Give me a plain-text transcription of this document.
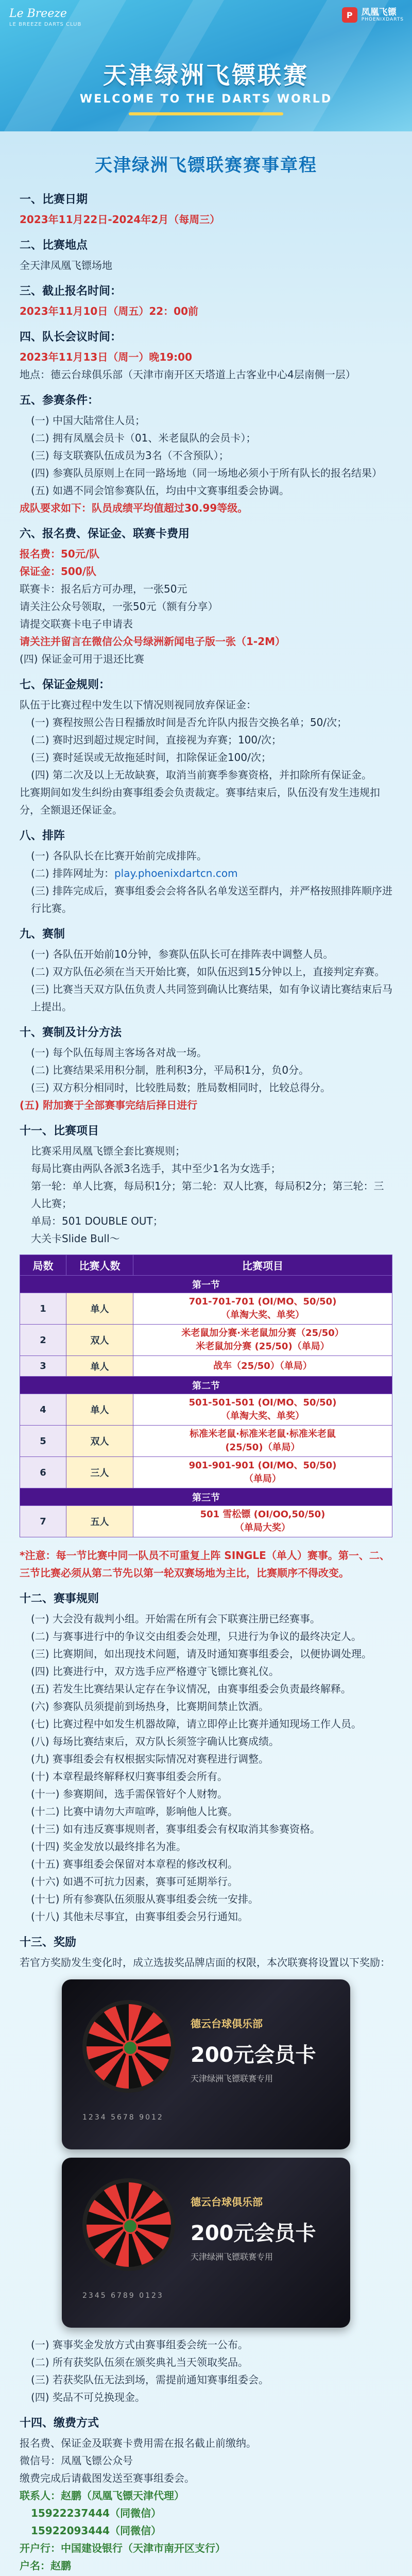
Le Breeze
LE BREEZE DARTS CLUB
P	凤凰飞镖
PHOENIXDARTS
天津绿洲飞镖联赛
WELCOME TO THE DARTS WORLD
天津绿洲飞镖联赛赛事章程
一、比赛日期

2023年11月22日-2024年2月（每周三）

二、比赛地点

全天津凤凰飞镖场地

三、截止报名时间：

2023年11月10日（周五）22：00前

四、队长会议时间：

2023年11月13日（周一）晚19:00

地点：德云台球俱乐部（天津市南开区天塔道上古客业中心4层南侧一层）

五、参赛条件：

(一) 中国大陆常住人员；

(二) 拥有凤凰会员卡（01、米老鼠队的会员卡）；

(三) 每支联赛队伍成员为3名（不含预队）；

(四) 参赛队员原则上在同一路场地（同一场地必须小于所有队长的报名结果）

(五) 如遇不同会馆参赛队伍，均由中文赛事组委会协调。

成队要求如下：队员成绩平均值超过30.99等级。

六、报名费、保证金、联赛卡费用

报名费：50元/队

保证金：500/队

联赛卡：报名后方可办理，一张50元

请关注公众号领取，一张50元（额有分享）

请提交联赛卡电子申请表

请关注并留言在微信公众号绿洲新闻电子版一张（1-2M）

(四) 保证金可用于退还比赛

七、保证金规则：

队伍于比赛过程中发生以下情况则视同放弃保证金：

(一) 赛程按照公告日程播放时间是否允许队内报告交换名单；50/次；

(二) 赛时迟到超过规定时间，直接视为弃赛；100/次；

(三) 赛时延误或无故拖延时间，扣除保证金100/次；

(四) 第二次及以上无故缺赛，取消当前赛季参赛资格，并扣除所有保证金。

比赛期间如发生纠纷由赛事组委会负责裁定。赛事结束后，队伍没有发生违规扣分，全额退还保证金。

八、排阵

(一) 各队队长在比赛开始前完成排阵。

(二) 排阵网址为：play.phoenixdartcn.com

(三) 排阵完成后，赛事组委会会将各队名单发送至群内，并严格按照排阵顺序进行比赛。

九、赛制

(一) 各队伍开始前10分钟，参赛队伍队长可在排阵表中调整人员。

(二) 双方队伍必须在当天开始比赛，如队伍迟到15分钟以上，直接判定弃赛。

(三) 比赛当天双方队伍负责人共同签到确认比赛结果，如有争议请比赛结束后马上提出。

十、赛制及计分方法

(一) 每个队伍每周主客场各对战一场。

(二) 比赛结果采用积分制，胜利积3分，平局积1分，负0分。

(三) 双方积分相同时，比较胜局数；胜局数相同时，比较总得分。

(五) 附加赛于全部赛事完结后择日进行

十一、比赛项目

比赛采用凤凰飞镖全套比赛规则；

每局比赛由两队各派3名选手，其中至少1名为女选手；

第一轮：单人比赛，每局积1分；第二轮：双人比赛，每局积2分；第三轮：三人比赛；

单局：501 DOUBLE OUT；

大关卡Slide Bull～

局数	比赛人数	比赛项目
第一节		
1	单人	701-701-701 (OI/MO、50/50)
（单淘大奖、单奖）
2	双人	米老鼠加分赛·米老鼠加分赛（25/50）
米老鼠加分赛 (25/50)（单局）
3	单人	战车（25/50）（单局）
第二节		
4	单人	501-501-501 (OI/MO、50/50)
（单淘大奖、单奖）
5	双人	标准米老鼠·标准米老鼠·标准米老鼠
(25/50)（单局）
6	三人	901-901-901 (OI/MO、50/50)
（单局）
第三节		
7	五人	501 雪松镖 (OI/OO,50/50)
（单局大奖）

*注意：每一节比赛中同一队员不可重复上阵 SINGLE（单人）赛事。第一、二、三节比赛必须从第二节先以第一轮双赛场地为主比，比赛顺序不得改变。

十二、赛事规则

(一) 大会没有裁判小组。开始需在所有会下联赛注册已经赛事。

(二) 与赛事进行中的争议交由组委会处理，只进行为争议的最终决定人。

(三) 比赛期间，如出现技术问题，请及时通知赛事组委会，以便协调处理。

(四) 比赛进行中，双方选手应严格遵守飞镖比赛礼仪。

(五) 若发生比赛结果认定存在争议情况，由赛事组委会负责最终解释。

(六) 参赛队员须提前到场热身，比赛期间禁止饮酒。

(七) 比赛过程中如发生机器故障，请立即停止比赛并通知现场工作人员。

(八) 每场比赛结束后，双方队长须签字确认比赛成绩。

(九) 赛事组委会有权根据实际情况对赛程进行调整。

(十) 本章程最终解释权归赛事组委会所有。

(十一) 参赛期间，选手需保管好个人财物。

(十二) 比赛中请勿大声喧哗，影响他人比赛。

(十三) 如有违反赛事规则者，赛事组委会有权取消其参赛资格。

(十四) 奖金发放以最终排名为准。

(十五) 赛事组委会保留对本章程的修改权利。

(十六) 如遇不可抗力因素，赛事可延期举行。

(十七) 所有参赛队伍须服从赛事组委会统一安排。

(十八) 其他未尽事宜，由赛事组委会另行通知。

十三、奖励

若官方奖励发生变化时，成立选拔奖品牌店面的权限，本次联赛将设置以下奖励：

德云台球俱乐部
200元会员卡
天津绿洲飞镖联赛专用
1234 5678 9012
德云台球俱乐部
200元会员卡
天津绿洲飞镖联赛专用
2345 6789 0123

(一) 赛事奖金发放方式由赛事组委会统一公布。

(二) 所有获奖队伍须在颁奖典礼当天领取奖品。

(三) 若获奖队伍无法到场，需提前通知赛事组委会。

(四) 奖品不可兑换现金。

十四、缴费方式

报名费、保证金及联赛卡费用需在报名截止前缴纳。

微信号：凤凰飞镖公众号

缴费完成后请截图发送至赛事组委会。

联系人：赵鹏（凤凰飞镖天津代理）

15922237444（同微信）

15922093444（同微信）

开户行：中国建设银行（天津市南开区支行）

户名：赵鹏
